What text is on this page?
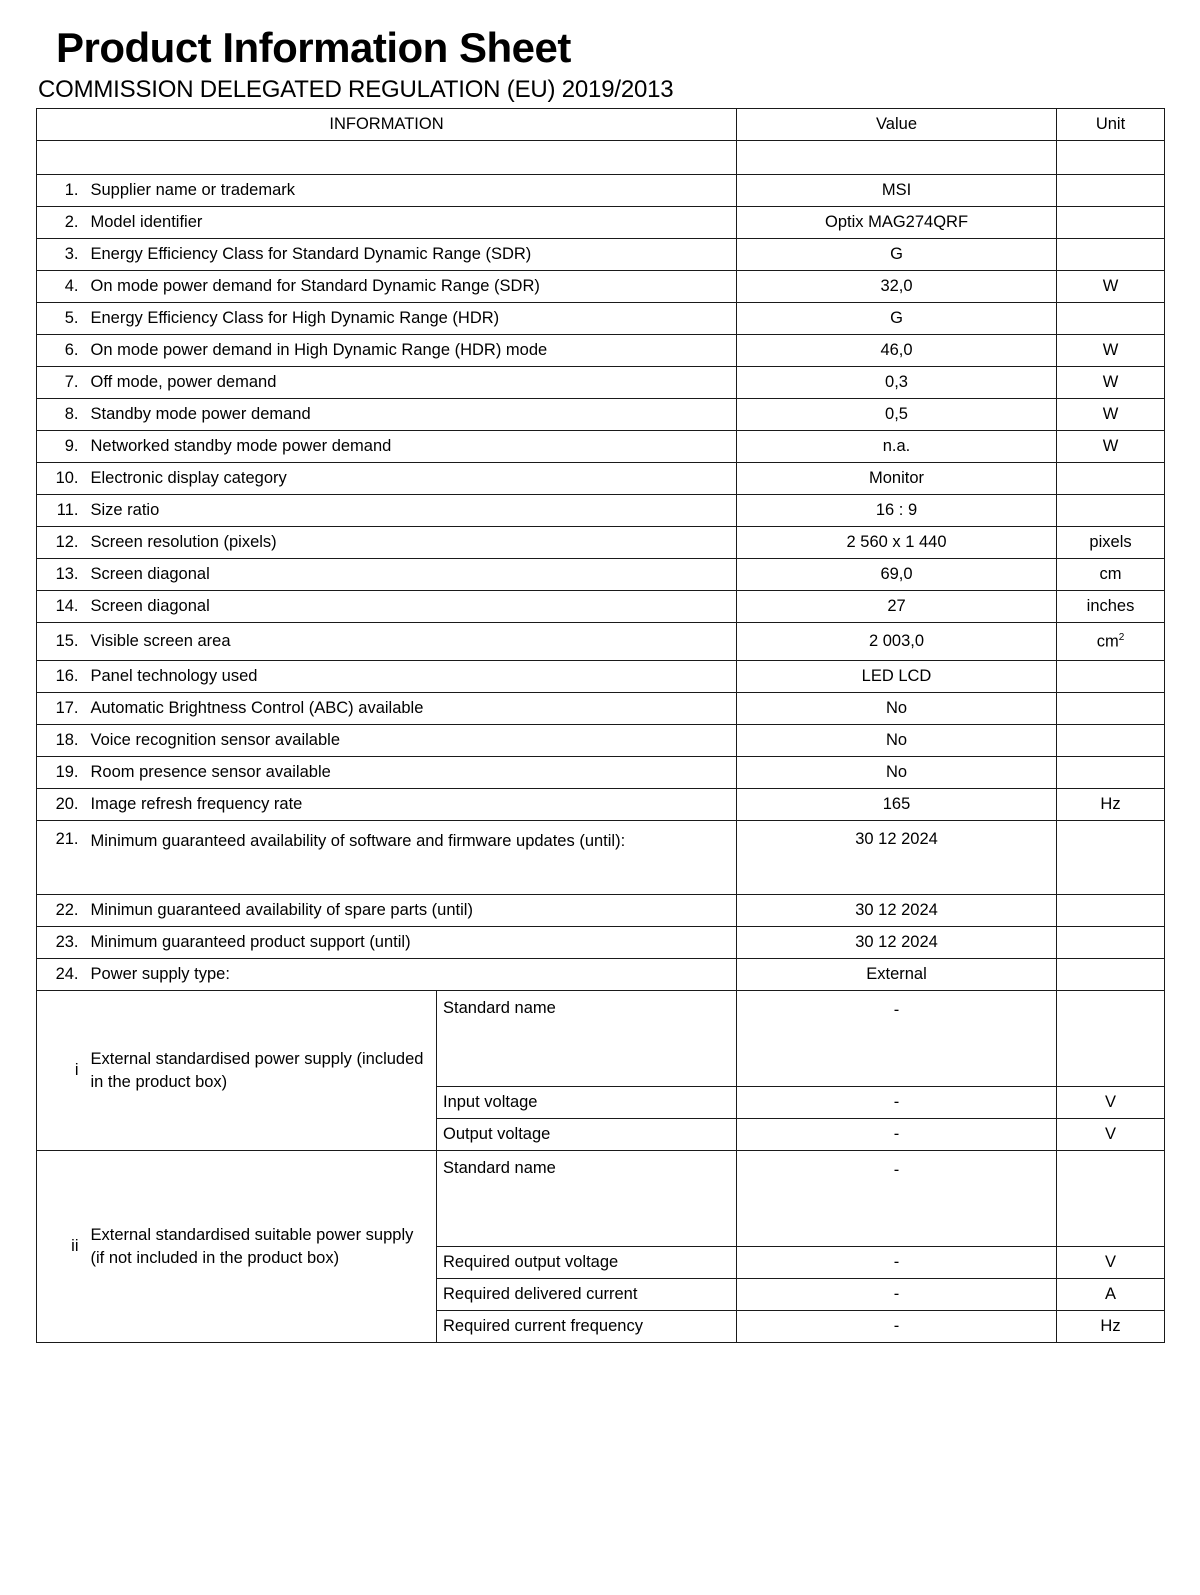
Product Information Sheet
COMMISSION DELEGATED REGULATION (EU) 2019/2013
INFORMATION			Value	Unit

1.	Supplier name or trademark		MSI	
2.	Model identifier		Optix MAG274QRF	
3.	Energy Efficiency Class for Standard Dynamic Range (SDR)		G	
4.	On mode power demand for Standard Dynamic Range (SDR)		32,0	W
5.	Energy Efficiency Class for High Dynamic Range (HDR)		G	
6.	On mode power demand in High Dynamic Range (HDR) mode		46,0	W
7.	Off mode, power demand		0,3	W
8.	Standby mode power demand		0,5	W
9.	Networked standby mode power demand		n.a.	W
10.	Electronic display category		Monitor	
11.	Size ratio		16 : 9	
12.	Screen resolution (pixels)		2 560 x 1 440	pixels
13.	Screen diagonal		69,0	cm
14.	Screen diagonal		27	inches
15.	Visible screen area		2 003,0	$cm^2$
16.	Panel technology used		LED LCD	
17.	Automatic Brightness Control (ABC) available		No	
18.	Voice recognition sensor available		No	
19.	Room presence sensor available		No	
20.	Image refresh frequency rate		165	Hz
21.	Minimum guaranteed availability of software and firmware updates (until):		30 12 2024	
22.	Minimun guaranteed availability of spare parts (until)		30 12 2024	
23.	Minimum guaranteed product support (until)		30 12 2024	
24.	Power supply type:		External	
i	External standardised power supply (included in the product box)	Standard name	-	
		Input voltage	-	V
		Output voltage	-	V
ii	External standardised suitable power supply (if not included in the product box)	Standard name	-	
		Required output voltage	-	V
		Required delivered current	-	A
		Required current frequency	-	Hz
